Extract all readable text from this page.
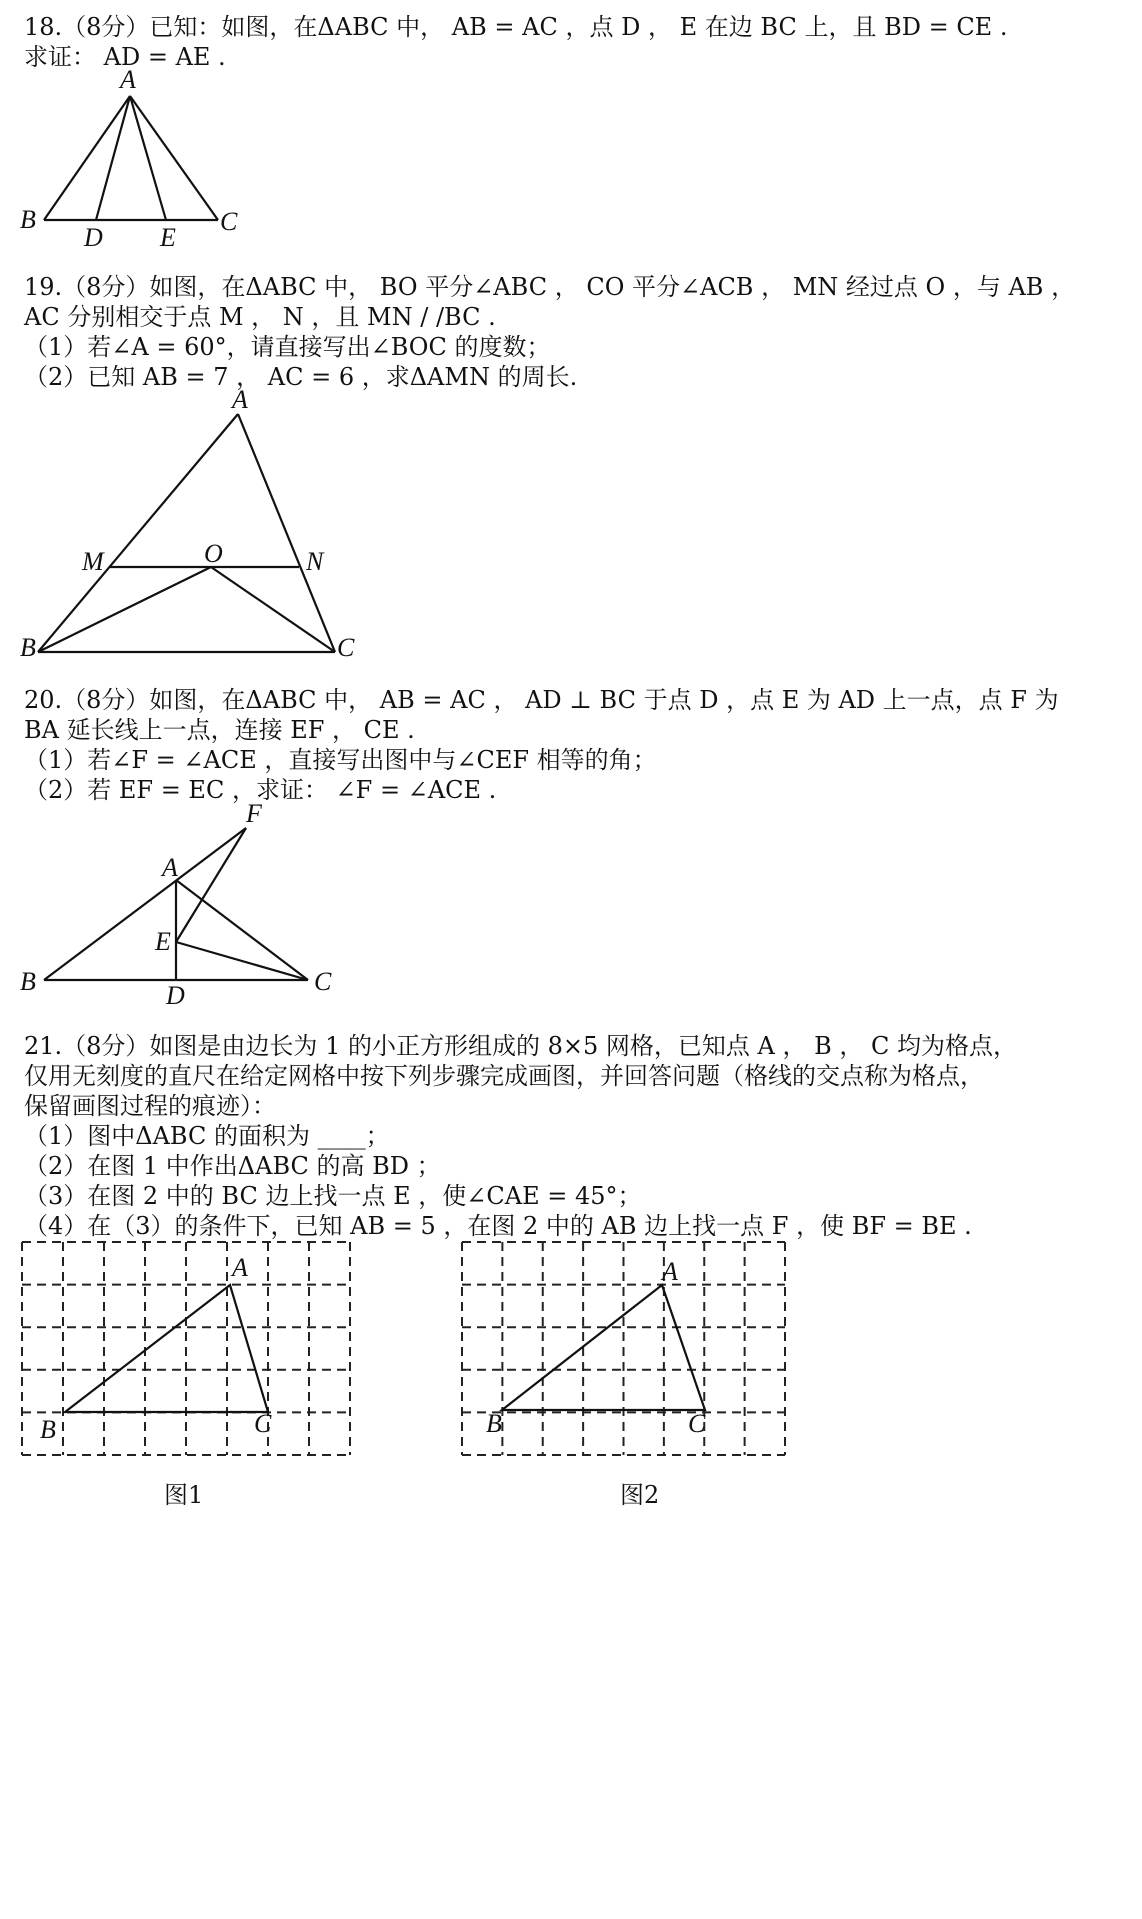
18.（8分）已知：如图，在ΔABC 中， AB = AC ，点 D ， E 在边 BC 上，且 BD = CE .
求证： AD = AE .
A
B	C
D E
19.（8分）如图，在ΔABC 中， BO 平分∠ABC ， CO 平分∠ACB ， MN 经过点 O ，与 AB ，
AC 分别相交于点 M ， N ，且 MN / /BC .
（1）若∠A = 60°，请直接写出∠BOC 的度数；
（2）已知 AB = 7 ， AC = 6 ，求ΔAMN 的周长.
A
B	C
M	N
O
20.（8分）如图，在ΔABC 中， AB = AC ， AD ⊥ BC 于点 D ，点 E 为 AD 上一点，点 F 为
BA 延长线上一点，连接 EF ， CE .
（1）若∠F = ∠ACE ，直接写出图中与∠CEF 相等的角；
（2）若 EF = EC ，求证： ∠F = ∠ACE .
A
B	C
D
E
F
21.（8分）如图是由边长为 1 的小正方形组成的 8×5 网格，已知点 A ， B ， C 均为格点，
仅用无刻度的直尺在给定网格中按下列步骤完成画图，并回答问题（格线的交点称为格点，
保留画图过程的痕迹）：
（1）图中ΔABC 的面积为 ____；
（2）在图 1 中作出ΔABC 的高 BD ；
（3）在图 2 中的 BC 边上找一点 E ，使∠CAE = 45°；
（4）在（3）的条件下，已知 AB = 5 ，在图 2 中的 AB 边上找一点 F ，使 BF = BE .
A
B	C
A
B	C
图1	图2
